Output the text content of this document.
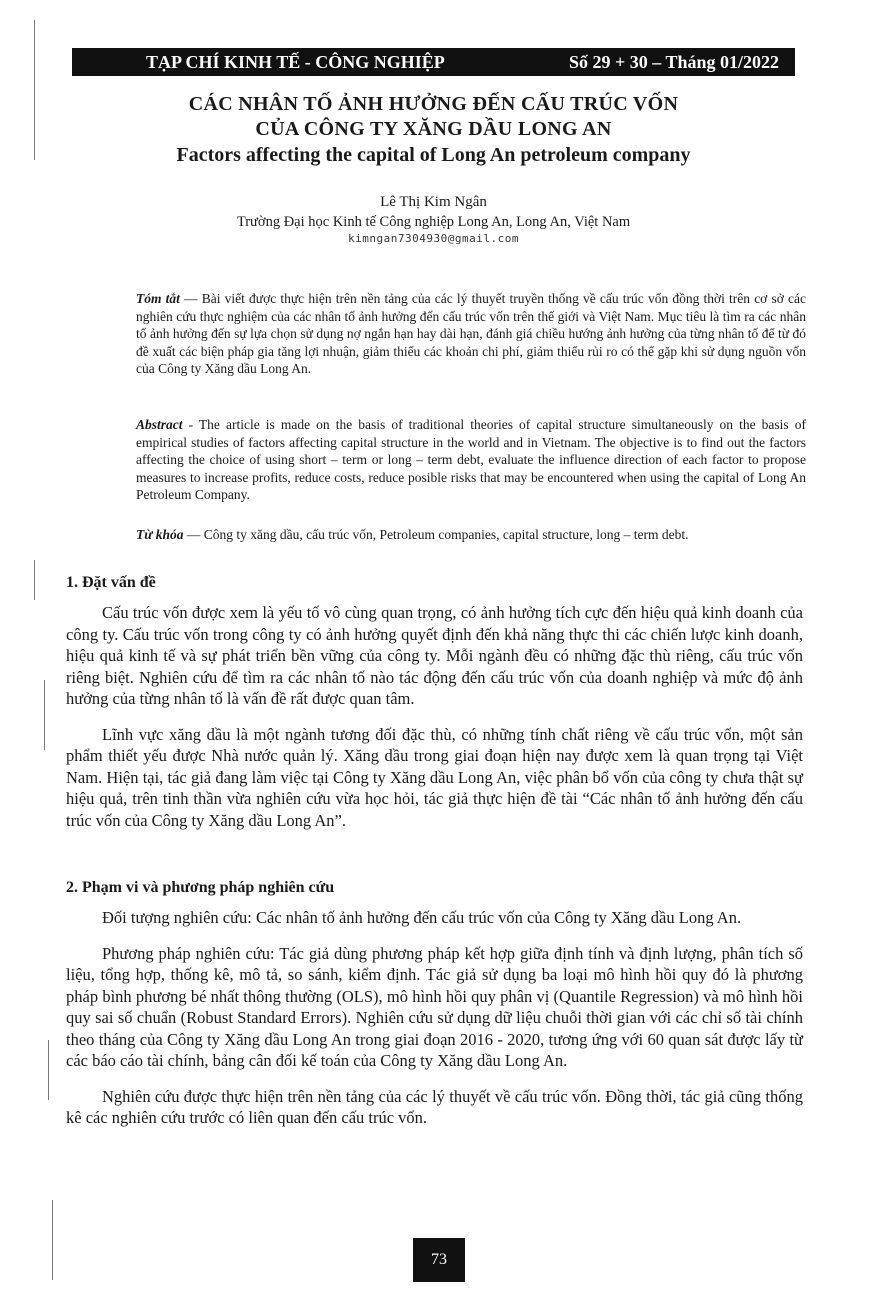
TẠP CHÍ KINH TẾ - CÔNG NGHIỆP	Số 29 + 30 – Tháng 01/2022
CÁC NHÂN TỐ ẢNH HƯỞNG ĐẾN CẤU TRÚC VỐN
CỦA CÔNG TY XĂNG DẦU LONG AN
Factors affecting the capital of Long An petroleum company
Lê Thị Kim Ngân
Trường Đại học Kinh tế Công nghiệp Long An, Long An, Việt Nam
kimngan7304930@gmail.com
Tóm tắt — Bài viết được thực hiện trên nền tảng của các lý thuyết truyền thống về cấu trúc vốn đồng thời trên cơ sở các nghiên cứu thực nghiệm của các nhân tố ảnh hưởng đến cấu trúc vốn trên thế giới và Việt Nam. Mục tiêu là tìm ra các nhân tố ảnh hưởng đến sự lựa chọn sử dụng nợ ngắn hạn hay dài hạn, đánh giá chiều hướng ảnh hưởng của từng nhân tố để từ đó đề xuất các biện pháp gia tăng lợi nhuận, giảm thiểu các khoản chi phí, giảm thiểu rủi ro có thể gặp khi sử dụng nguồn vốn của Công ty Xăng dầu Long An.
Abstract - The article is made on the basis of traditional theories of capital structure simultaneously on the basis of empirical studies of factors affecting capital structure in the world and in Vietnam. The objective is to find out the factors affecting the choice of using short – term or long – term debt, evaluate the influence direction of each factor to propose measures to increase profits, reduce costs, reduce posible risks that may be encountered when using the capital of Long An Petroleum Company.
Từ khóa — Công ty xăng dầu, cấu trúc vốn, Petroleum companies, capital structure, long – term debt.
1. Đặt vấn đề

Cấu trúc vốn được xem là yếu tố vô cùng quan trọng, có ảnh hưởng tích cực đến hiệu quả kinh doanh của công ty. Cấu trúc vốn trong công ty có ảnh hưởng quyết định đến khả năng thực thi các chiến lược kinh doanh, hiệu quả kinh tế và sự phát triển bền vững của công ty. Mỗi ngành đều có những đặc thù riêng, cấu trúc vốn riêng biệt. Nghiên cứu để tìm ra các nhân tố nào tác động đến cấu trúc vốn của doanh nghiệp và mức độ ảnh hưởng của từng nhân tố là vấn đề rất được quan tâm.

Lĩnh vực xăng dầu là một ngành tương đối đặc thù, có những tính chất riêng về cấu trúc vốn, một sản phẩm thiết yếu được Nhà nước quản lý. Xăng dầu trong giai đoạn hiện nay được xem là quan trọng tại Việt Nam. Hiện tại, tác giả đang làm việc tại Công ty Xăng dầu Long An, việc phân bổ vốn của công ty chưa thật sự hiệu quả, trên tinh thần vừa nghiên cứu vừa học hỏi, tác giả thực hiện đề tài “Các nhân tố ảnh hưởng đến cấu trúc vốn của Công ty Xăng dầu Long An”.

2. Phạm vi và phương pháp nghiên cứu

Đối tượng nghiên cứu: Các nhân tố ảnh hưởng đến cấu trúc vốn của Công ty Xăng dầu Long An.

Phương pháp nghiên cứu: Tác giả dùng phương pháp kết hợp giữa định tính và định lượng, phân tích số liệu, tổng hợp, thống kê, mô tả, so sánh, kiểm định. Tác giả sử dụng ba loại mô hình hồi quy đó là phương pháp bình phương bé nhất thông thường (OLS), mô hình hồi quy phân vị (Quantile Regression) và mô hình hồi quy sai số chuẩn (Robust Standard Errors). Nghiên cứu sử dụng dữ liệu chuỗi thời gian với các chỉ số tài chính theo tháng của Công ty Xăng dầu Long An trong giai đoạn 2016 - 2020, tương ứng với 60 quan sát được lấy từ các báo cáo tài chính, bảng cân đối kế toán của Công ty Xăng dầu Long An.

Nghiên cứu được thực hiện trên nền tảng của các lý thuyết về cấu trúc vốn. Đồng thời, tác giả cũng thống kê các nghiên cứu trước có liên quan đến cấu trúc vốn.

73
